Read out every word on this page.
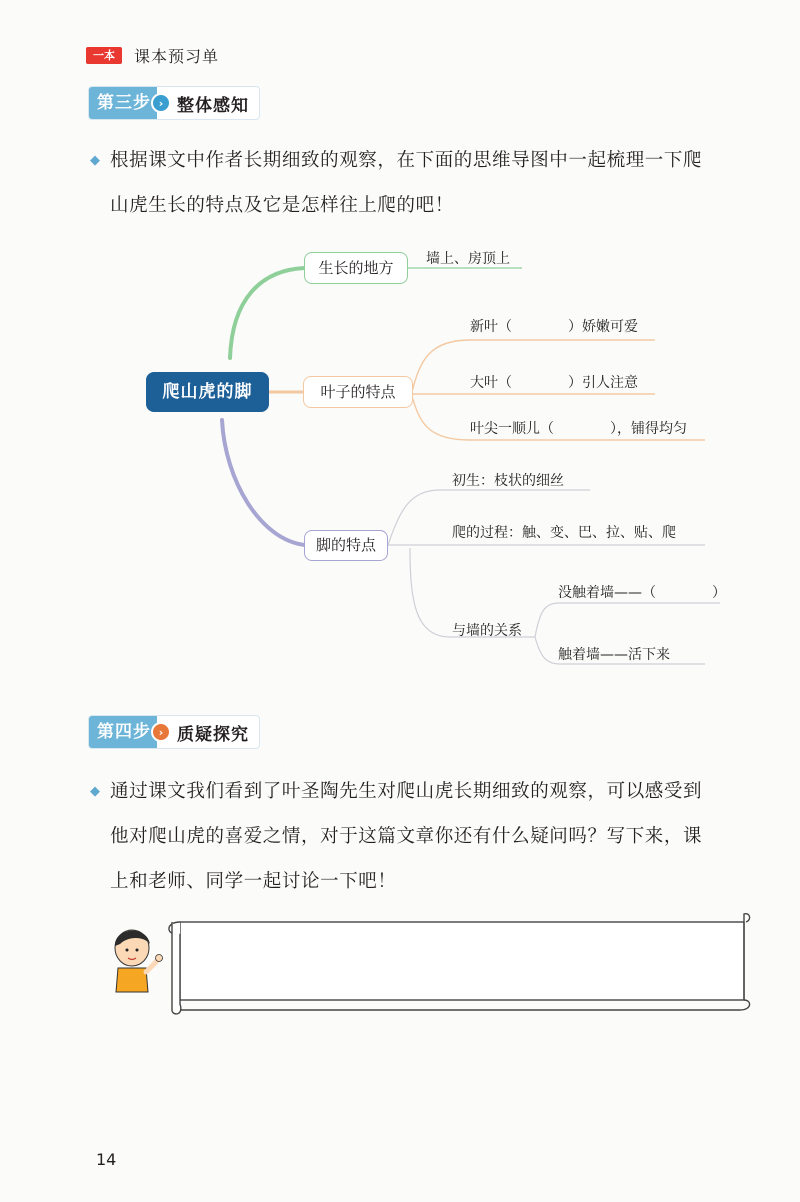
一本	课本预习单
第三步 › 整体感知
◆ 根据课文中作者长期细致的观察，在下面的思维导图中一起梳理一下爬
山虎生长的特点及它是怎样往上爬的吧！
爬山虎的脚
生长的地方	墙上、房顶上
叶子的特点
新叶（　　　　）娇嫩可爱
大叶（　　　　）引人注意
叶尖一顺儿（　　　　），铺得均匀
脚的特点
初生：枝状的细丝
爬的过程：触、变、巴、拉、贴、爬
与墙的关系
没触着墙——（　　　　）
触着墙——活下来
第四步 › 质疑探究
◆ 通过课文我们看到了叶圣陶先生对爬山虎长期细致的观察，可以感受到
他对爬山虎的喜爱之情，对于这篇文章你还有什么疑问吗？写下来，课
上和老师、同学一起讨论一下吧！
14
